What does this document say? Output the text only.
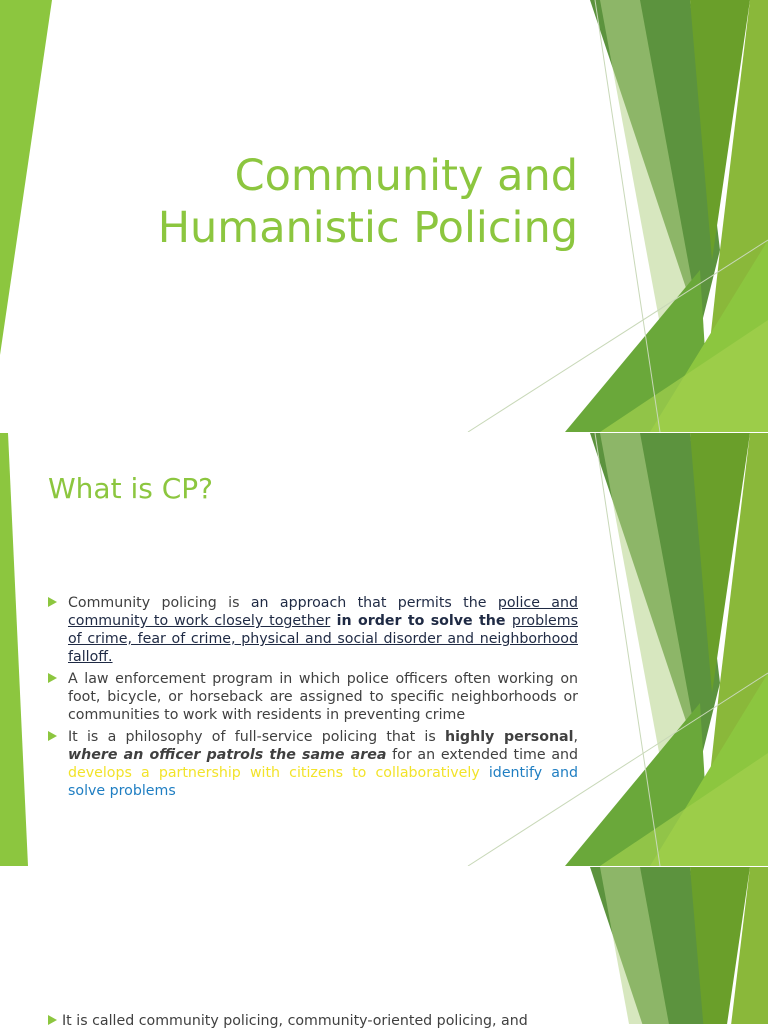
Community and
Humanistic Policing
What is CP?
Community policing is an approach that permits the police and community to work closely together in order to solve the problems of crime, fear of crime, physical and social disorder and neighborhood falloff.
A law enforcement program in which police officers often working on foot, bicycle, or horseback are assigned to specific neighborhoods or communities to work with residents in preventing crime
It is a philosophy of full-service policing that is highly personal, where an officer patrols the same area for an extended time and develops a partnership with citizens to collaboratively identify and solve problems
It is called community policing, community-oriented policing, and
